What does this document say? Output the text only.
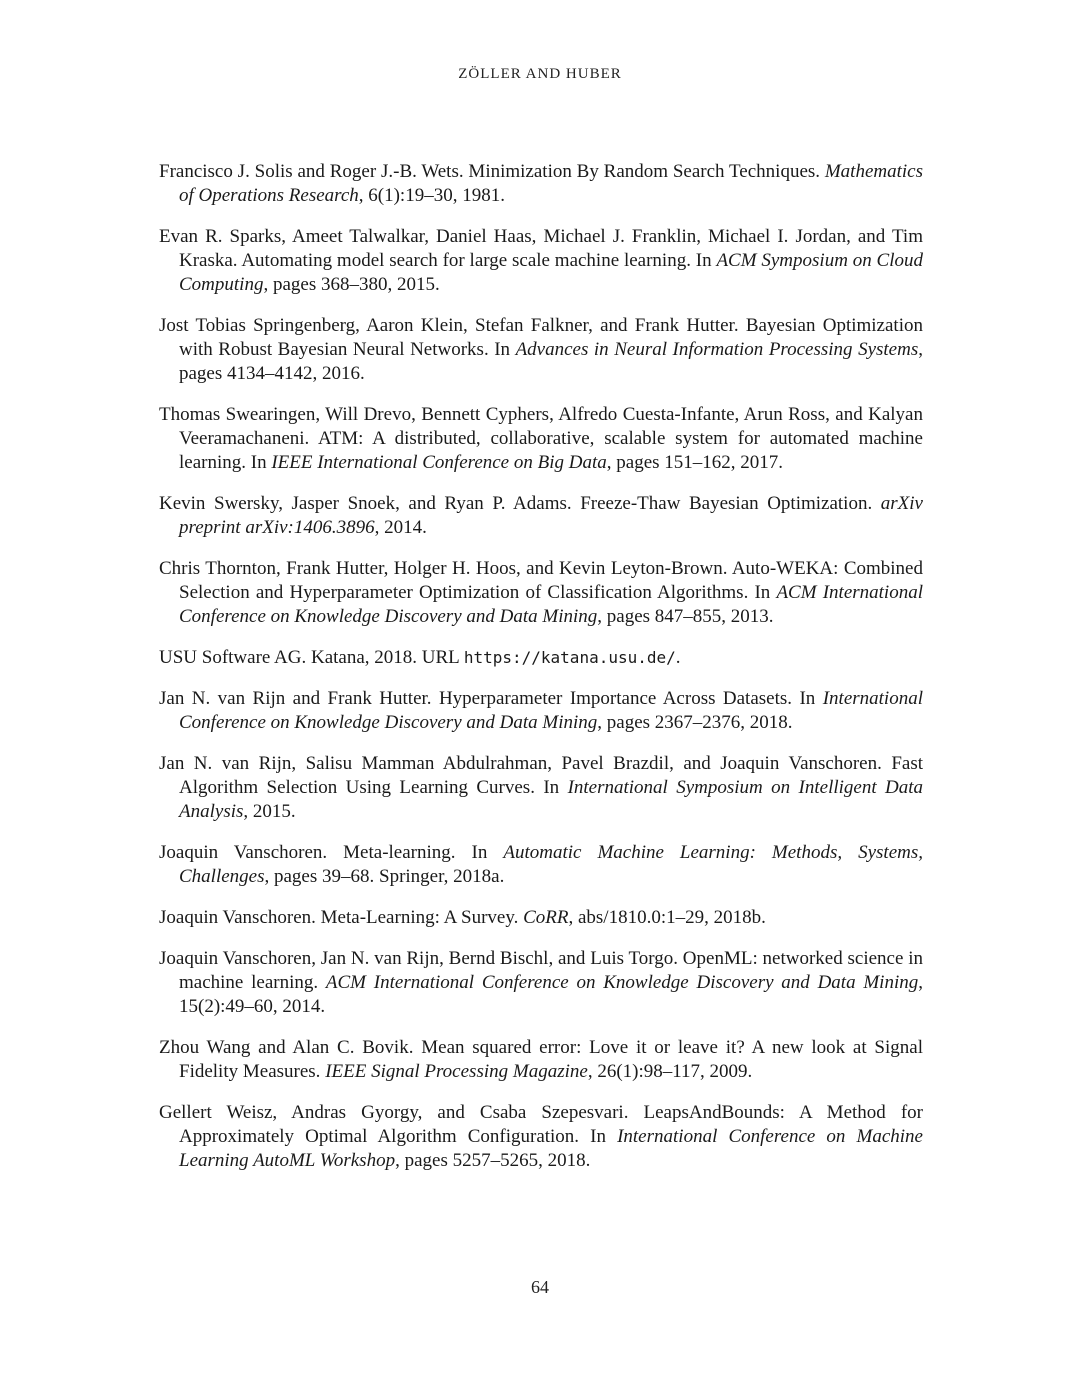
ZÖLLER AND HUBER

Francisco J. Solis and Roger J.-B. Wets. Minimization By Random Search Techniques. Mathematics of Operations Research, 6(1):19–30, 1981.

Evan R. Sparks, Ameet Talwalkar, Daniel Haas, Michael J. Franklin, Michael I. Jordan, and Tim Kraska. Automating model search for large scale machine learning. In ACM Symposium on Cloud Computing, pages 368–380, 2015.

Jost Tobias Springenberg, Aaron Klein, Stefan Falkner, and Frank Hutter. Bayesian Optimization with Robust Bayesian Neural Networks. In Advances in Neural Information Processing Systems, pages 4134–4142, 2016.

Thomas Swearingen, Will Drevo, Bennett Cyphers, Alfredo Cuesta-Infante, Arun Ross, and Kalyan Veeramachaneni. ATM: A distributed, collaborative, scalable system for automated machine learning. In IEEE International Conference on Big Data, pages 151–162, 2017.

Kevin Swersky, Jasper Snoek, and Ryan P. Adams. Freeze-Thaw Bayesian Optimization. arXiv preprint arXiv:1406.3896, 2014.

Chris Thornton, Frank Hutter, Holger H. Hoos, and Kevin Leyton-Brown. Auto-WEKA: Combined Selection and Hyperparameter Optimization of Classification Algorithms. In ACM International Conference on Knowledge Discovery and Data Mining, pages 847–855, 2013.

USU Software AG. Katana, 2018. URL https://katana.usu.de/.

Jan N. van Rijn and Frank Hutter. Hyperparameter Importance Across Datasets. In International Conference on Knowledge Discovery and Data Mining, pages 2367–2376, 2018.

Jan N. van Rijn, Salisu Mamman Abdulrahman, Pavel Brazdil, and Joaquin Vanschoren. Fast Algorithm Selection Using Learning Curves. In International Symposium on Intelligent Data Analysis, 2015.

Joaquin Vanschoren. Meta-learning. In Automatic Machine Learning: Methods, Systems, Challenges, pages 39–68. Springer, 2018a.

Joaquin Vanschoren. Meta-Learning: A Survey. CoRR, abs/1810.0:1–29, 2018b.

Joaquin Vanschoren, Jan N. van Rijn, Bernd Bischl, and Luis Torgo. OpenML: networked science in machine learning. ACM International Conference on Knowledge Discovery and Data Mining, 15(2):49–60, 2014.

Zhou Wang and Alan C. Bovik. Mean squared error: Love it or leave it? A new look at Signal Fidelity Measures. IEEE Signal Processing Magazine, 26(1):98–117, 2009.

Gellert Weisz, Andras Gyorgy, and Csaba Szepesvari. LeapsAndBounds: A Method for Approximately Optimal Algorithm Configuration. In International Conference on Machine Learning AutoML Workshop, pages 5257–5265, 2018.

64
